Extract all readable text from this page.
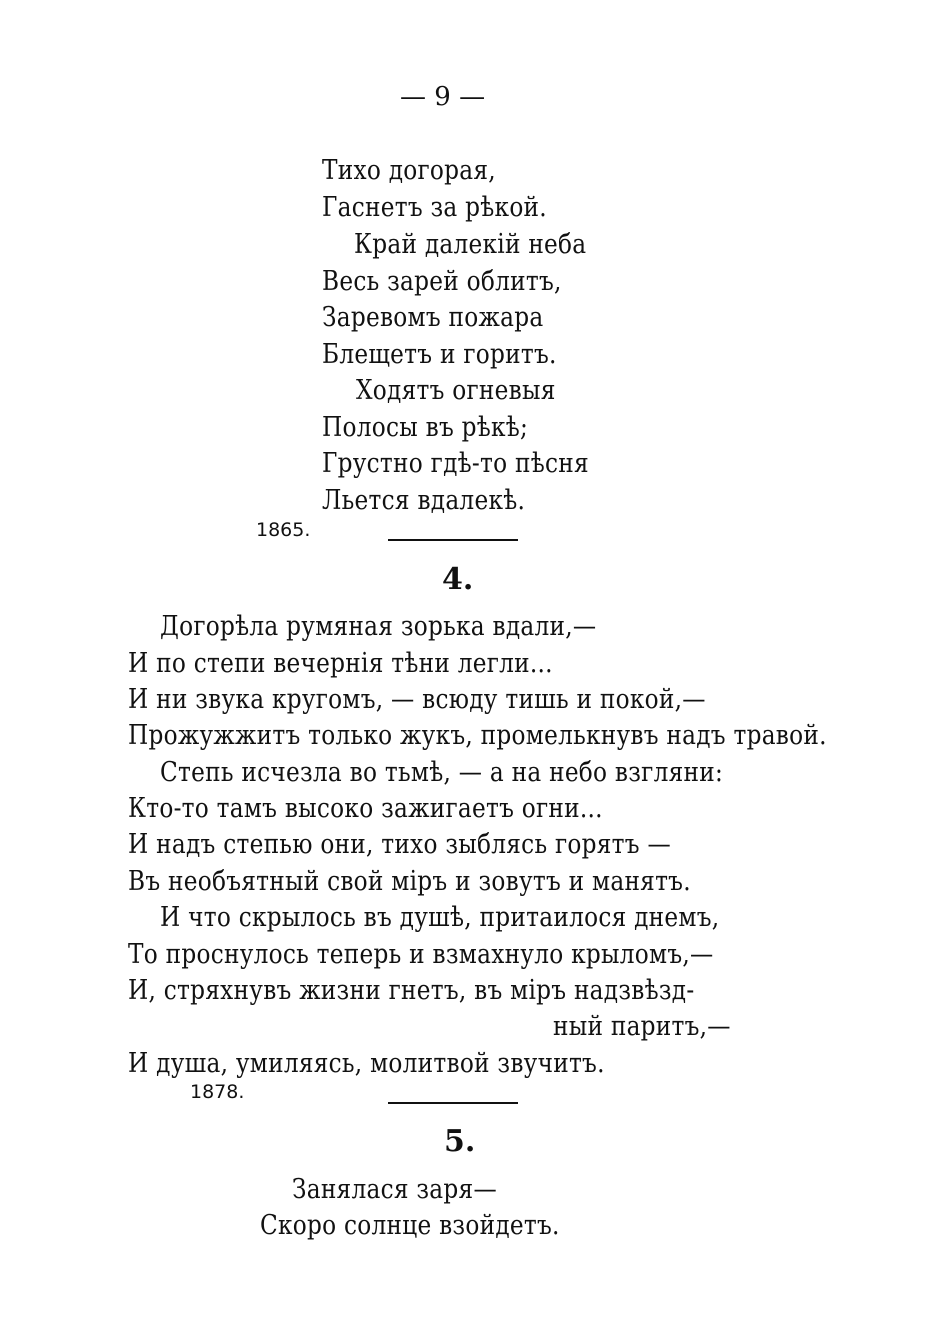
— 9 —
Тихо догорая,
Гаснетъ за рѣкой.
Край далекій неба
Весь зарей облитъ,
Заревомъ пожара
Блещетъ и горитъ.
Ходятъ огневыя
Полосы въ рѣкѣ;
Грустно гдѣ-то пѣсня
Льется вдалекѣ.
1865.
4.
Догорѣла румяная зорька вдали,—
И по степи вечернія тѣни легли...
И ни звука кругомъ, — всюду тишь и покой,—
Прожужжитъ только жукъ, промелькнувъ надъ травой.
Степь исчезла во тьмѣ, — а на небо взгляни:
Кто-то тамъ высоко зажигаетъ огни...
И надъ степью они, тихо зыблясь горятъ —
Въ необъятный свой міръ и зовутъ и манятъ.
И что скрылось въ душѣ, притаилося днемъ,
То проснулось теперь и взмахнуло крыломъ,—
И, стряхнувъ жизни гнетъ, въ міръ надзвѣзд-
ный паритъ,—
И душа, умиляясь, молитвой звучитъ.
1878.
5.
Занялася заря—
Скоро солнце взойдетъ.
